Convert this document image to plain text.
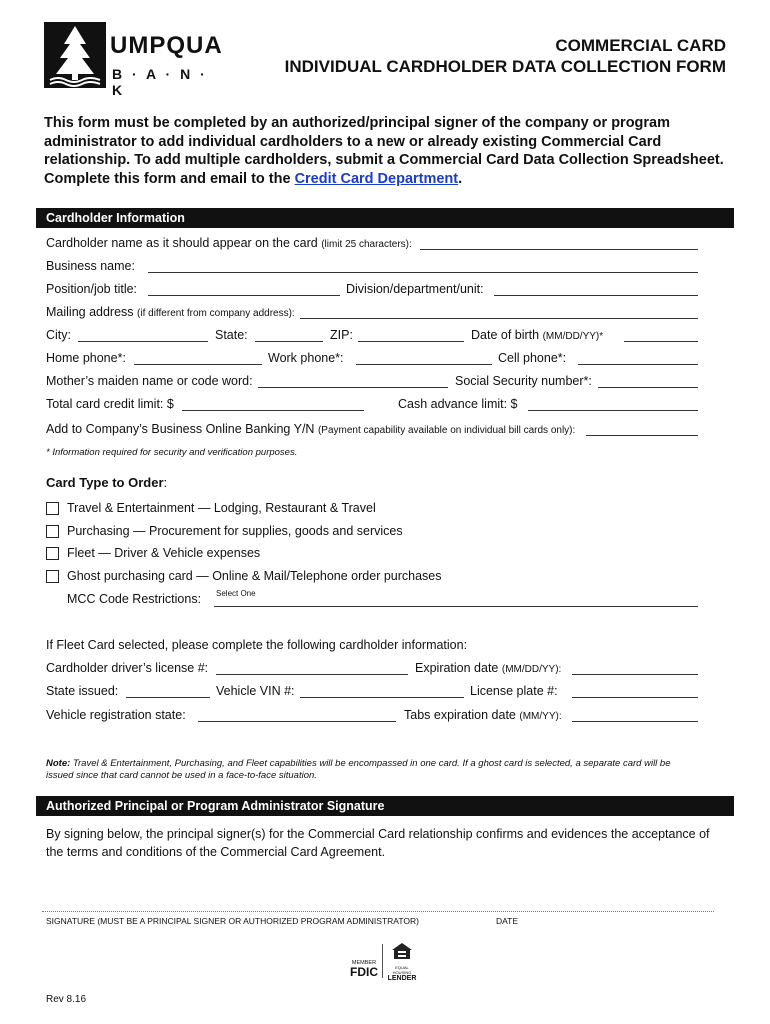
UMPQUA
B · A · N · K
COMMERCIAL CARD
INDIVIDUAL CARDHOLDER DATA COLLECTION FORM
This form must be completed by an authorized/principal signer of the company or program administrator to add individual cardholders to a new or already existing Commercial Card relationship. To add multiple cardholders, submit a Commercial Card Data Collection Spreadsheet. Complete this form and email to the Credit Card Department.
Cardholder Information
Cardholder name as it should appear on the card (limit 25 characters):
Business name:
Position/job title:	Division/department/unit:
Mailing address (if different from company address):
City:	State:	ZIP:	Date of birth (MM/DD/YY)*
Home phone*:	Work phone*:	Cell phone*:
Mother’s maiden name or code word:	Social Security number*:
Total card credit limit: $	Cash advance limit: $
Add to Company’s Business Online Banking Y/N (Payment capability available on individual bill cards only):
* Information required for security and verification purposes.
Card Type to Order:
Travel & Entertainment — Lodging, Restaurant & Travel
Purchasing — Procurement for supplies, goods and services
Fleet — Driver & Vehicle expenses
Ghost purchasing card — Online & Mail/Telephone order purchases
MCC Code Restrictions: Select One
If Fleet Card selected, please complete the following cardholder information:
Cardholder driver’s license #:	Expiration date (MM/DD/YY):
State issued:	Vehicle VIN #:	License plate #:
Vehicle registration state:	Tabs expiration date (MM/YY):
Note: Travel & Entertainment, Purchasing, and Fleet capabilities will be encompassed in one card. If a ghost card is selected, a separate card will be issued since that card cannot be used in a face-to-face situation.
Authorized Principal or Program Administrator Signature
By signing below, the principal signer(s) for the Commercial Card relationship confirms and evidences the acceptance of the terms and conditions of the Commercial Card Agreement.
SIGNATURE (MUST BE A PRINCIPAL SIGNER OR AUTHORIZED PROGRAM ADMINISTRATOR)	DATE
MEMBER
FDIC	EQUAL HOUSING
LENDER
Rev 8.16
